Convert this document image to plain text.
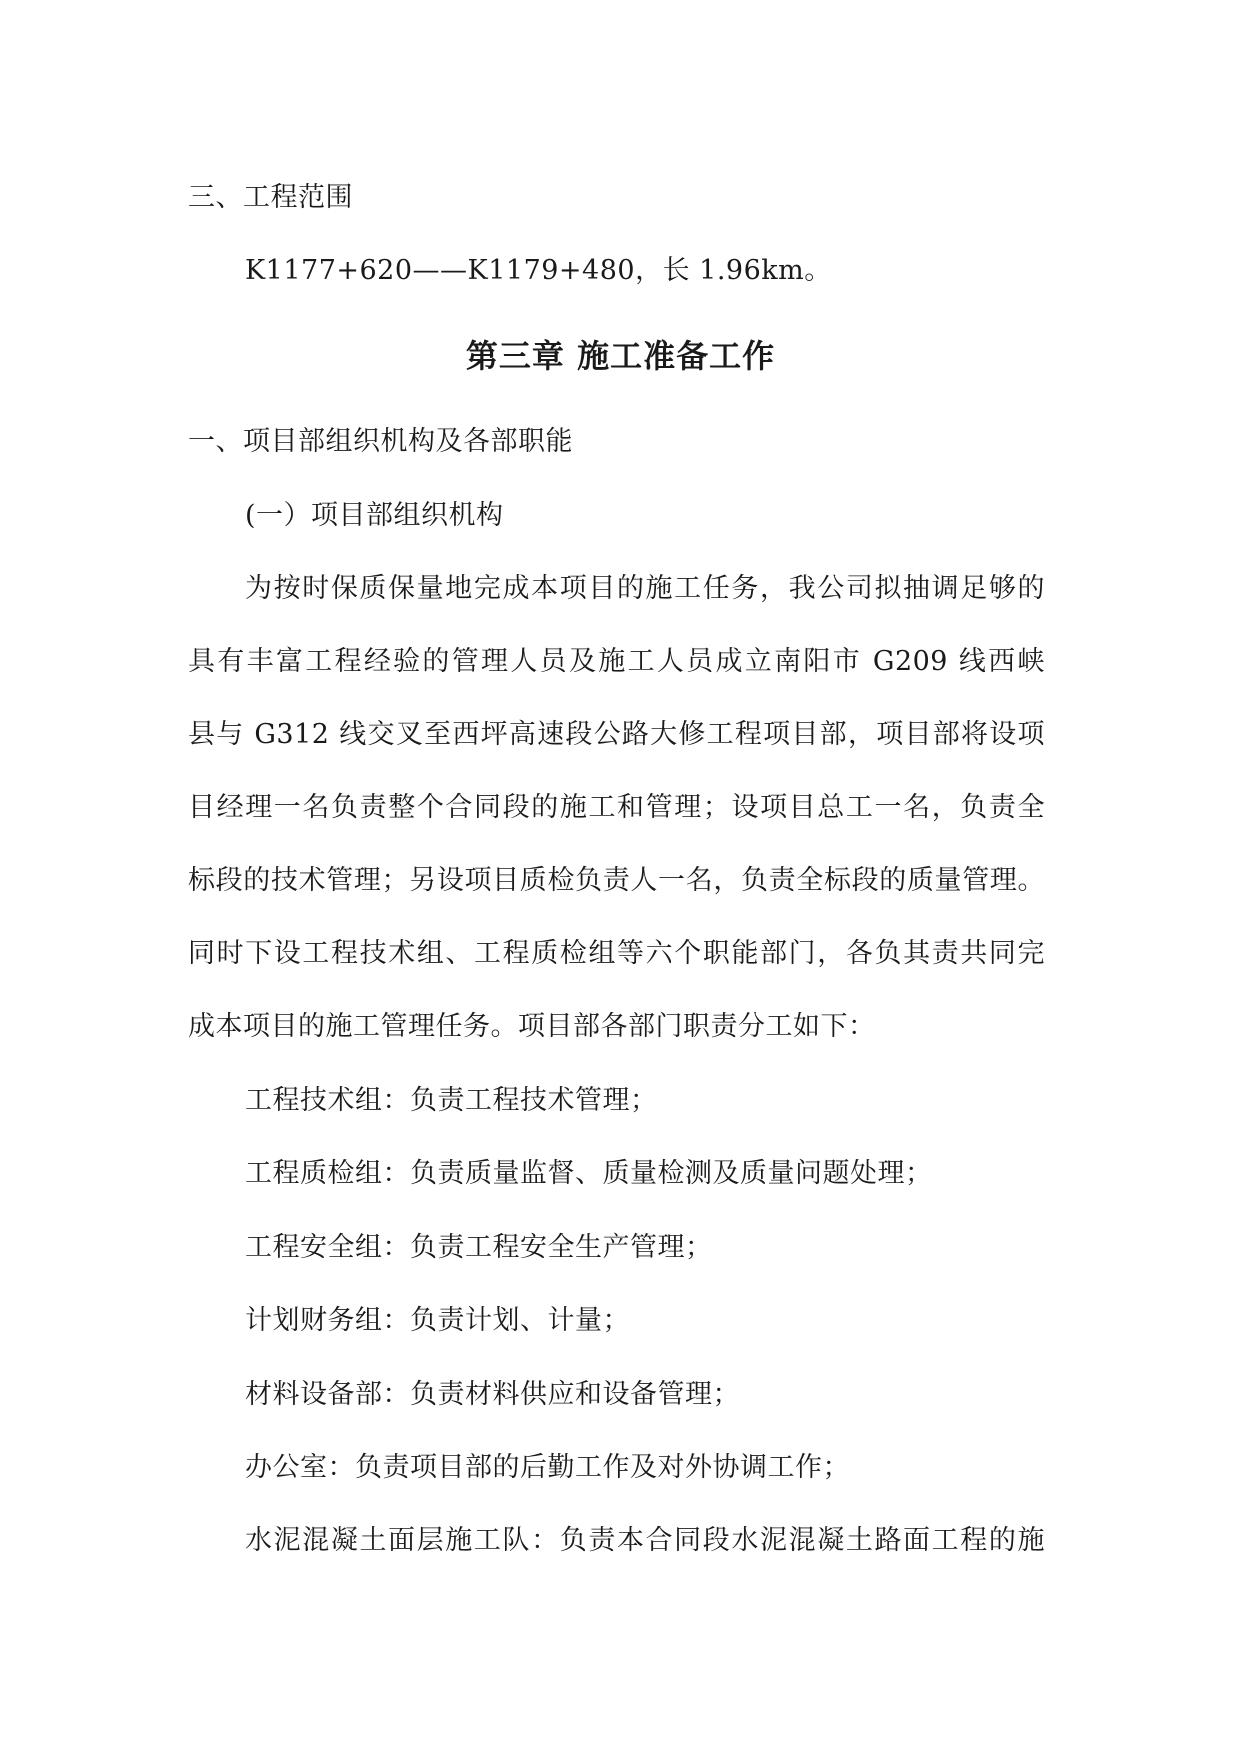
三、工程范围
K1177+620——K1179+480，长 1.96km。
第三章 施工准备工作
一、项目部组织机构及各部职能
(一）项目部组织机构
为按时保质保量地完成本项目的施工任务，我公司拟抽调足够的
具有丰富工程经验的管理人员及施工人员成立南阳市 G209 线西峡
县与 G312 线交叉至西坪高速段公路大修工程项目部，项目部将设项
目经理一名负责整个合同段的施工和管理；设项目总工一名，负责全
标段的技术管理；另设项目质检负责人一名，负责全标段的质量管理。
同时下设工程技术组、工程质检组等六个职能部门，各负其责共同完
成本项目的施工管理任务。项目部各部门职责分工如下：
工程技术组：负责工程技术管理；
工程质检组：负责质量监督、质量检测及质量问题处理；
工程安全组：负责工程安全生产管理；
计划财务组：负责计划、计量；
材料设备部：负责材料供应和设备管理；
办公室：负责项目部的后勤工作及对外协调工作；
水泥混凝土面层施工队：负责本合同段水泥混凝土路面工程的施
